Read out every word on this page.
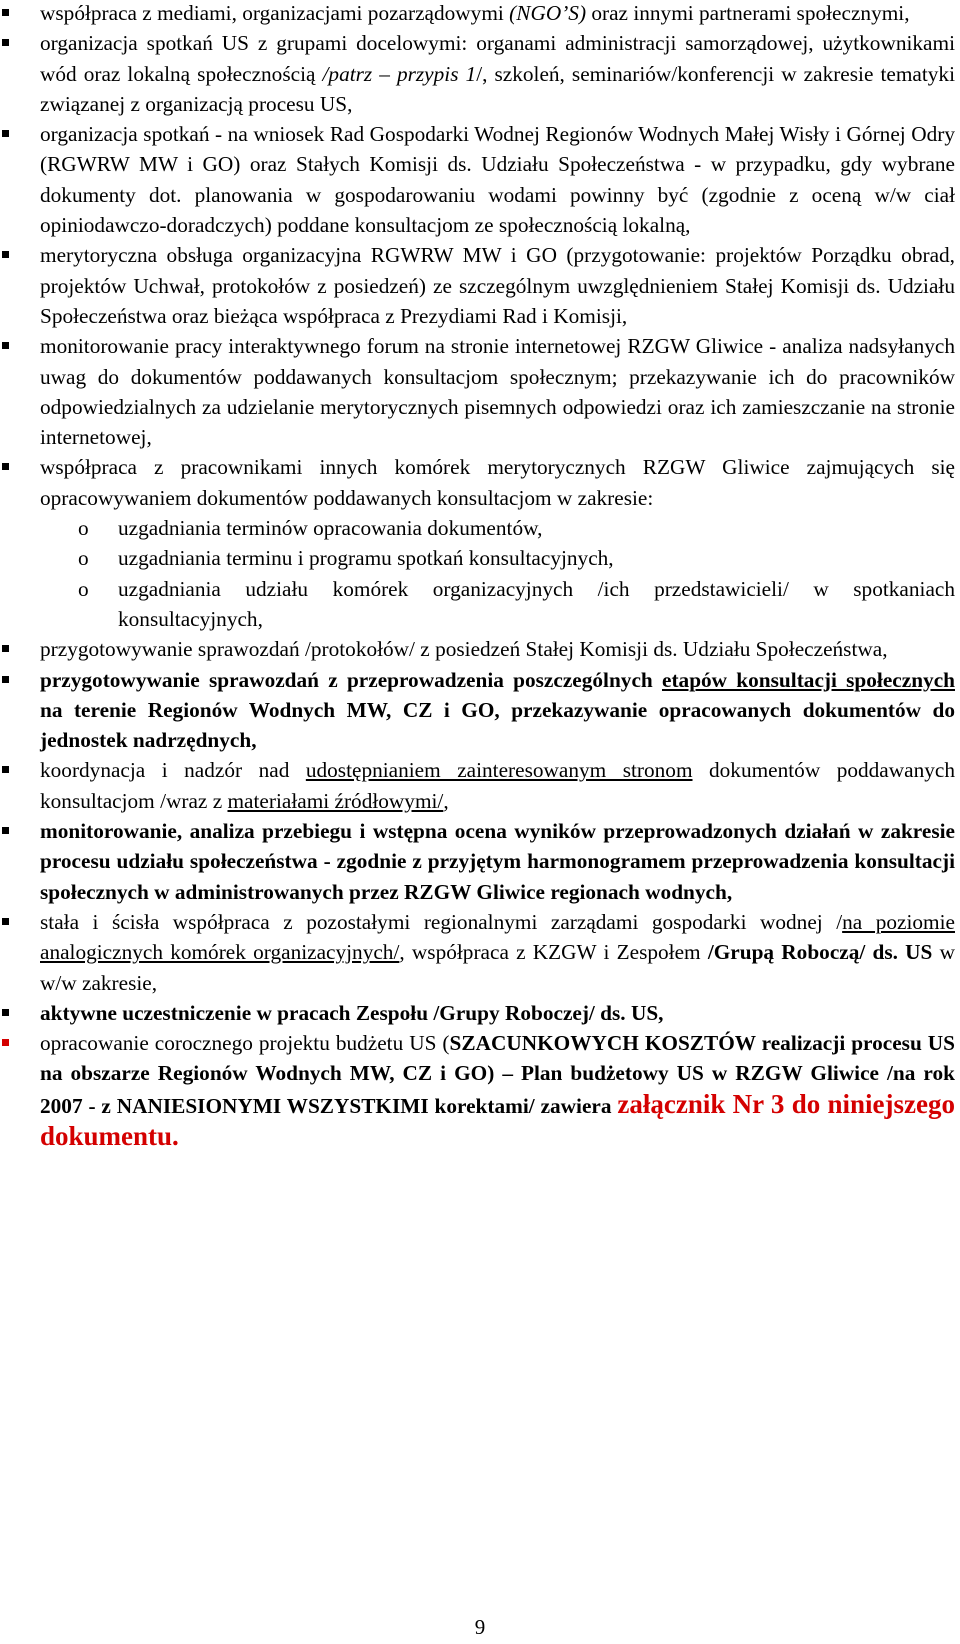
współpraca z mediami, organizacjami pozarządowymi (NGO’S) oraz innymi partnerami społecznymi,
organizacja spotkań US z grupami docelowymi: organami administracji samorządowej, użytkownikami wód oraz lokalną społecznością /patrz – przypis 1/, szkoleń, seminariów/konferencji w zakresie tematyki związanej z organizacją procesu US,
organizacja spotkań - na wniosek Rad Gospodarki Wodnej Regionów Wodnych Małej Wisły i Górnej Odry (RGWRW MW i GO) oraz Stałych Komisji ds. Udziału Społeczeństwa - w przypadku, gdy wybrane dokumenty dot. planowania w gospodarowaniu wodami powinny być (zgodnie z oceną w/w ciał opiniodawczo-doradczych) poddane konsultacjom ze społecznością lokalną,
merytoryczna obsługa organizacyjna RGWRW MW i GO (przygotowanie: projektów Porządku obrad, projektów Uchwał, protokołów z posiedzeń) ze szczególnym uwzględnieniem Stałej Komisji ds. Udziału Społeczeństwa oraz bieżąca współpraca z Prezydiami Rad i Komisji,
monitorowanie pracy interaktywnego forum na stronie internetowej RZGW Gliwice - analiza nadsyłanych uwag do dokumentów poddawanych konsultacjom społecznym; przekazywanie ich do pracowników odpowiedzialnych za udzielanie merytorycznych pisemnych odpowiedzi oraz ich zamieszczanie na stronie internetowej,
współpraca z pracownikami innych komórek merytorycznych RZGW Gliwice zajmujących się opracowywaniem dokumentów poddawanych konsultacjom w zakresie:
o uzgadniania terminów opracowania dokumentów,
o uzgadniania terminu i programu spotkań konsultacyjnych,
o uzgadniania udziału komórek organizacyjnych /ich przedstawicieli/ w spotkaniach konsultacyjnych,
przygotowywanie sprawozdań /protokołów/ z posiedzeń Stałej Komisji ds. Udziału Społeczeństwa,
przygotowywanie sprawozdań z przeprowadzenia poszczególnych etapów konsultacji społecznych na terenie Regionów Wodnych MW, CZ i GO, przekazywanie opracowanych dokumentów do jednostek nadrzędnych,
koordynacja i nadzór nad udostępnianiem zainteresowanym stronom dokumentów poddawanych konsultacjom /wraz z materiałami źródłowymi/,
monitorowanie, analiza przebiegu i wstępna ocena wyników przeprowadzonych działań w zakresie procesu udziału społeczeństwa - zgodnie z przyjętym harmonogramem przeprowadzenia konsultacji społecznych w administrowanych przez RZGW Gliwice regionach wodnych,
stała i ścisła współpraca z pozostałymi regionalnymi zarządami gospodarki wodnej /na poziomie analogicznych komórek organizacyjnych/, współpraca z KZGW i Zespołem /Grupą Roboczą/ ds. US w w/w zakresie,
aktywne uczestniczenie w pracach Zespołu /Grupy Roboczej/ ds. US,
opracowanie corocznego projektu budżetu US (SZACUNKOWYCH KOSZTÓW realizacji procesu US na obszarze Regionów Wodnych MW, CZ i GO) – Plan budżetowy US w RZGW Gliwice /na rok 2007 - z NANIESIONYMI WSZYSTKIMI korektami/ zawiera załącznik Nr 3 do niniejszego dokumentu.
9
